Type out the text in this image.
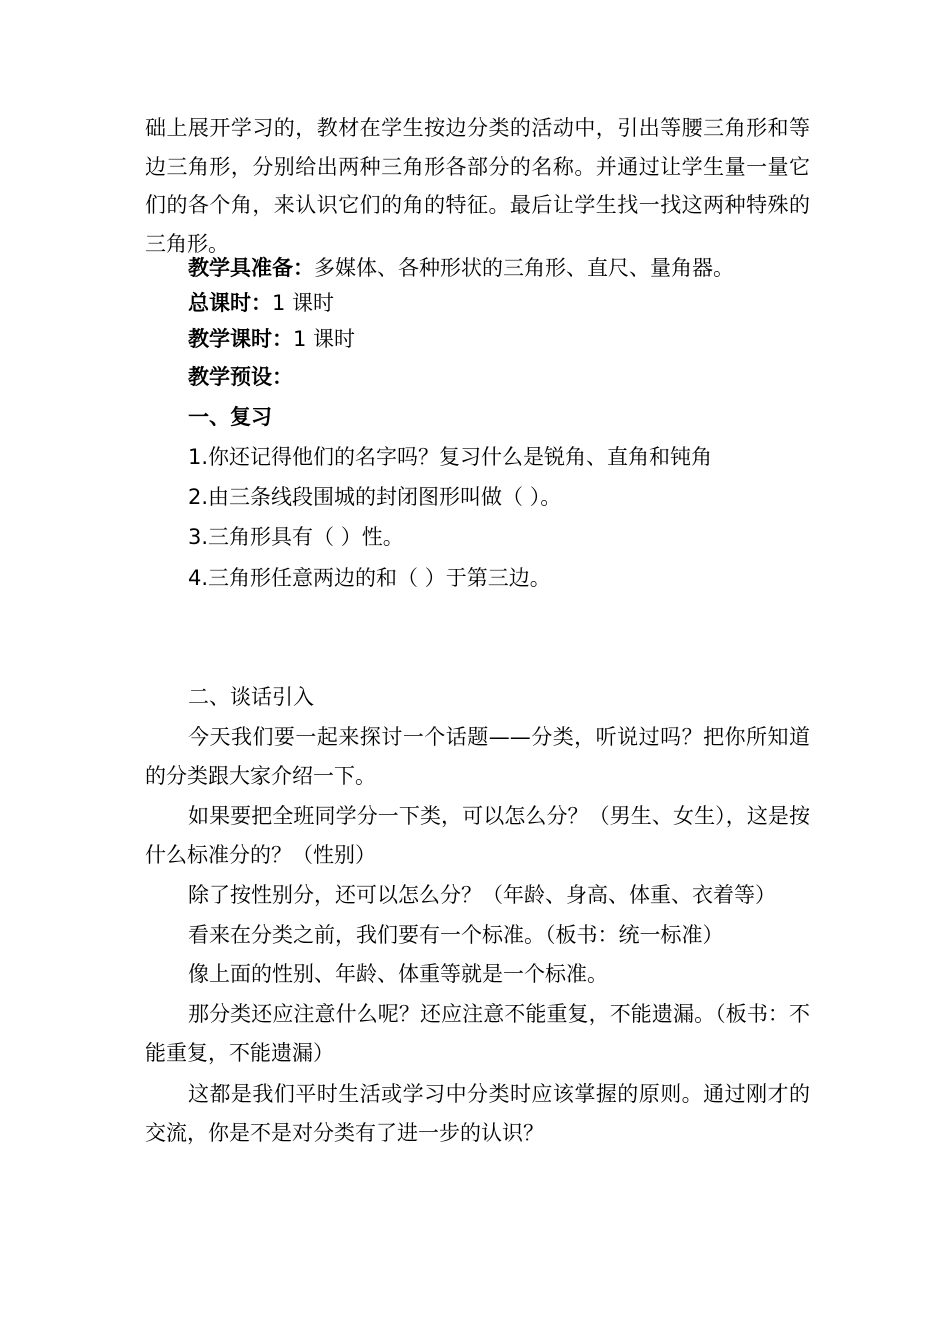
础上展开学习的，教材在学生按边分类的活动中，引出等腰三角形和等边三角形，分别给出两种三角形各部分的名称。并通过让学生量一量它们的各个角，来认识它们的角的特征。最后让学生找一找这两种特殊的三角形。

教学具准备：多媒体、各种形状的三角形、直尺、量角器。

总课时：1 课时

教学课时：1 课时

教学预设：

一、复习

1.你还记得他们的名字吗？复习什么是锐角、直角和钝角

2.由三条线段围城的封闭图形叫做（ ）。

3.三角形具有（ ）性。

4.三角形任意两边的和（ ）于第三边。

二、谈话引入

今天我们要一起来探讨一个话题——分类，听说过吗？把你所知道的分类跟大家介绍一下。

如果要把全班同学分一下类，可以怎么分？（男生、女生），这是按什么标准分的？（性别）

除了按性别分，还可以怎么分？（年龄、身高、体重、衣着等）

看来在分类之前，我们要有一个标准。（板书：统一标准）

像上面的性别、年龄、体重等就是一个标准。

那分类还应注意什么呢？还应注意不能重复，不能遗漏。（板书：不能重复，不能遗漏）

这都是我们平时生活或学习中分类时应该掌握的原则。通过刚才的交流，你是不是对分类有了进一步的认识？
